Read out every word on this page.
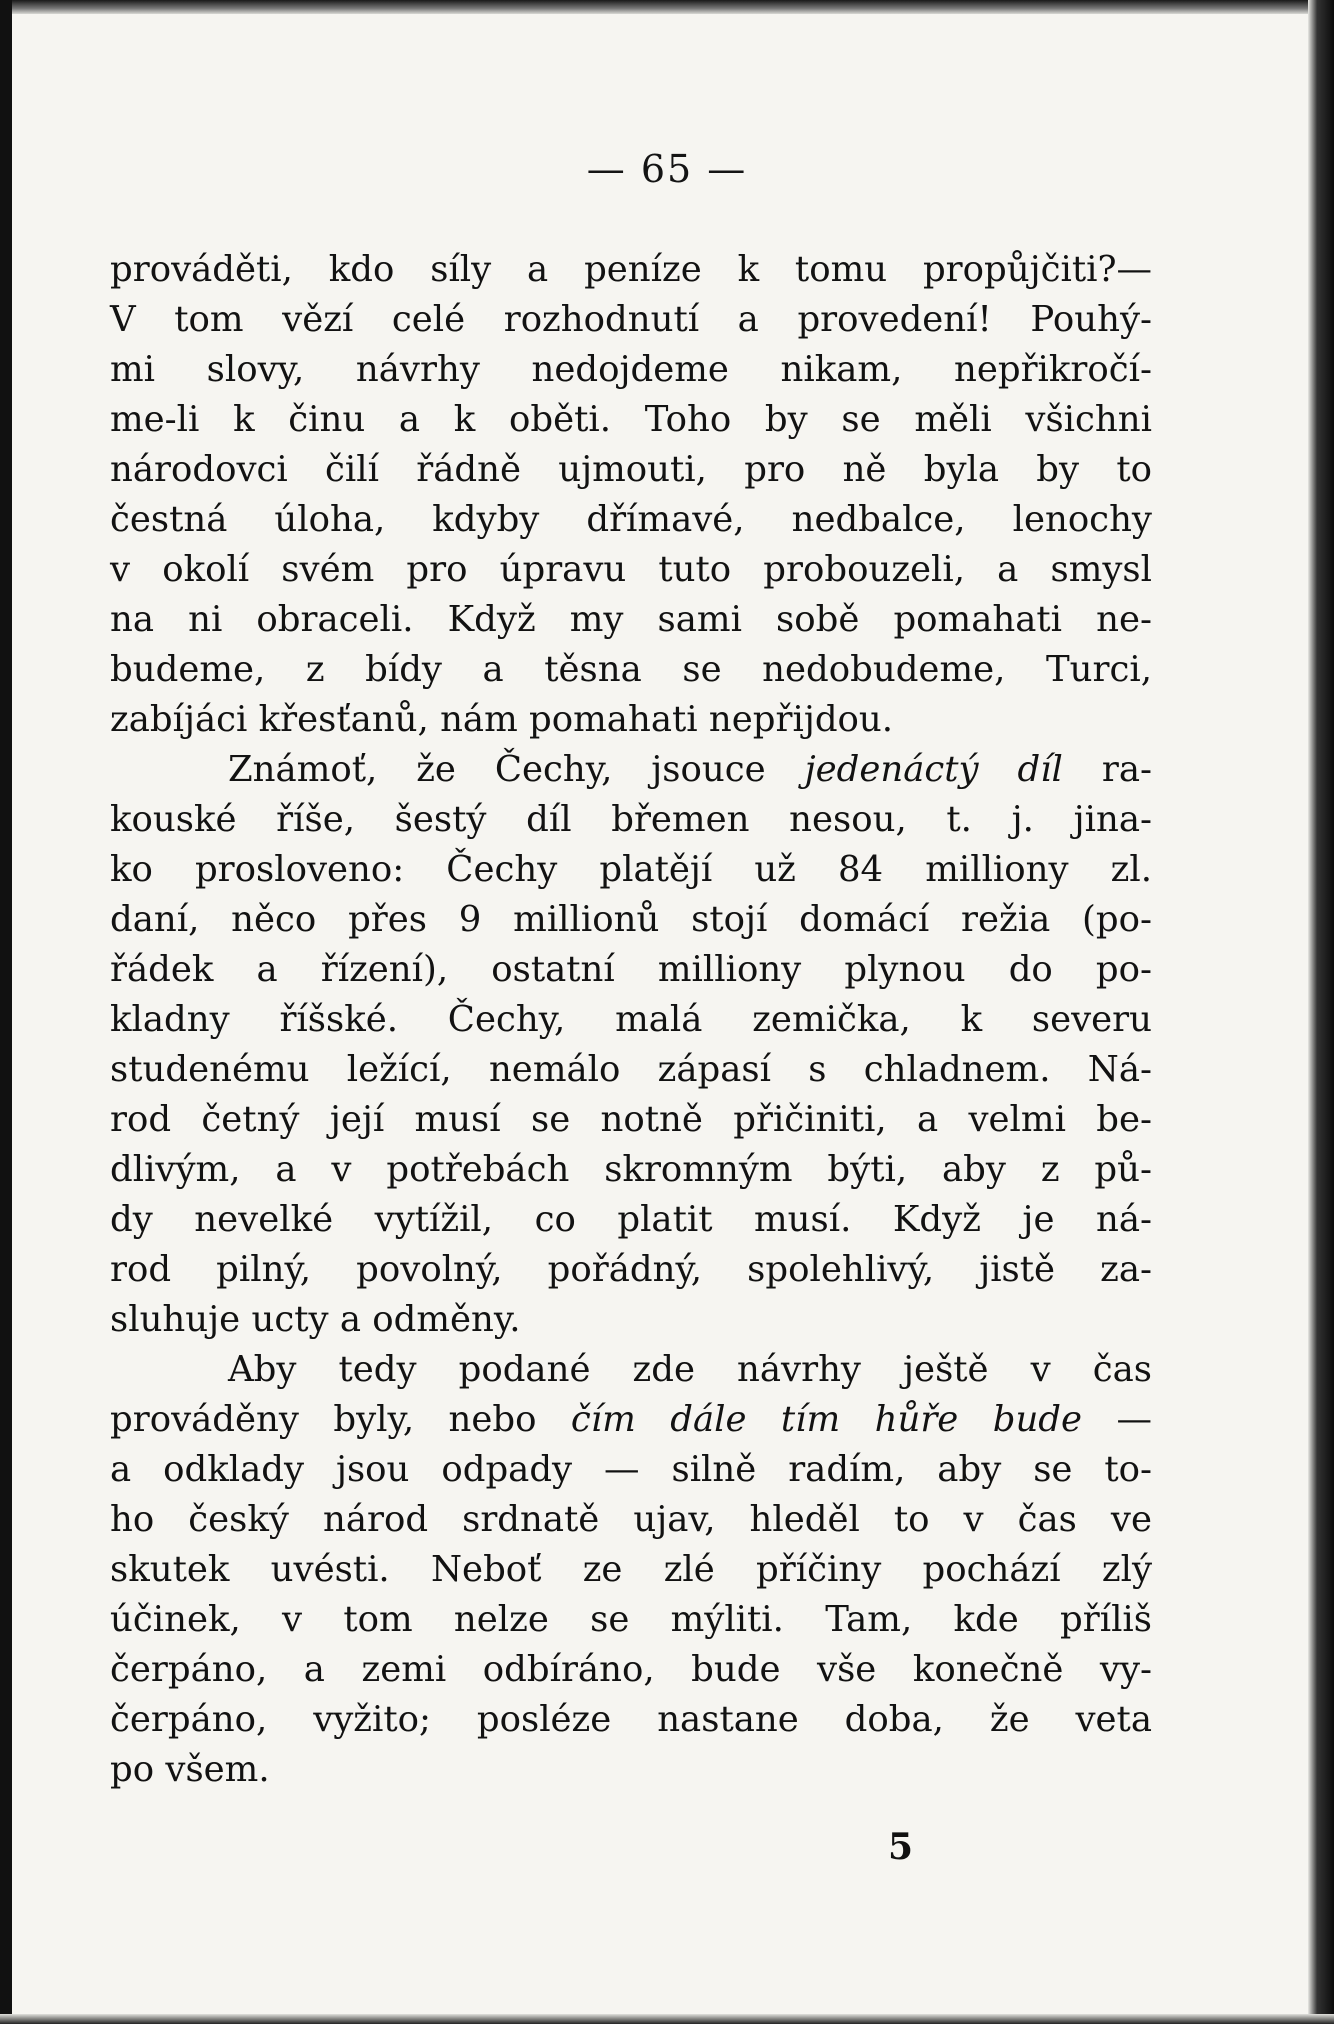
— 65 —
prováděti, kdo síly a peníze k tomu propůjčiti?—
V tom vězí celé rozhodnutí a provedení! Pouhý-
mi slovy, návrhy nedojdeme nikam, nepřikročí-
me-li k činu a k oběti. Toho by se měli všichni
národovci čilí řádně ujmouti, pro ně byla by to
čestná úloha, kdyby dřímavé, nedbalce, lenochy
v okolí svém pro úpravu tuto probouzeli, a smysl
na ni obraceli. Když my sami sobě pomahati ne-
budeme, z bídy a těsna se nedobudeme, Turci,
zabíjáci křesťanů, nám pomahati nepřijdou.
Známoť, že Čechy, jsouce jedenáctý díl ra-
kouské říše, šestý díl břemen nesou, t. j. jina-
ko prosloveno: Čechy platějí už 84 milliony zl.
daní, něco přes 9 millionů stojí domácí režia (po-
řádek a řízení), ostatní milliony plynou do po-
kladny říšské. Čechy, malá zemička, k severu
studenému ležící, nemálo zápasí s chladnem. Ná-
rod četný její musí se notně přičiniti, a velmi be-
dlivým, a v potřebách skromným býti, aby z pů-
dy nevelké vytížil, co platit musí. Když je ná-
rod pilný, povolný, pořádný, spolehlivý, jistě za-
sluhuje ucty a odměny.
Aby tedy podané zde návrhy ještě v čas
prováděny byly, nebo čím dále tím hůře bude —
a odklady jsou odpady — silně radím, aby se to-
ho český národ srdnatě ujav, hleděl to v čas ve
skutek uvésti. Neboť ze zlé příčiny pochází zlý
účinek, v tom nelze se mýliti. Tam, kde příliš
čerpáno, a zemi odbíráno, bude vše konečně vy-
čerpáno, vyžito; posléze nastane doba, že veta
po všem.
5
